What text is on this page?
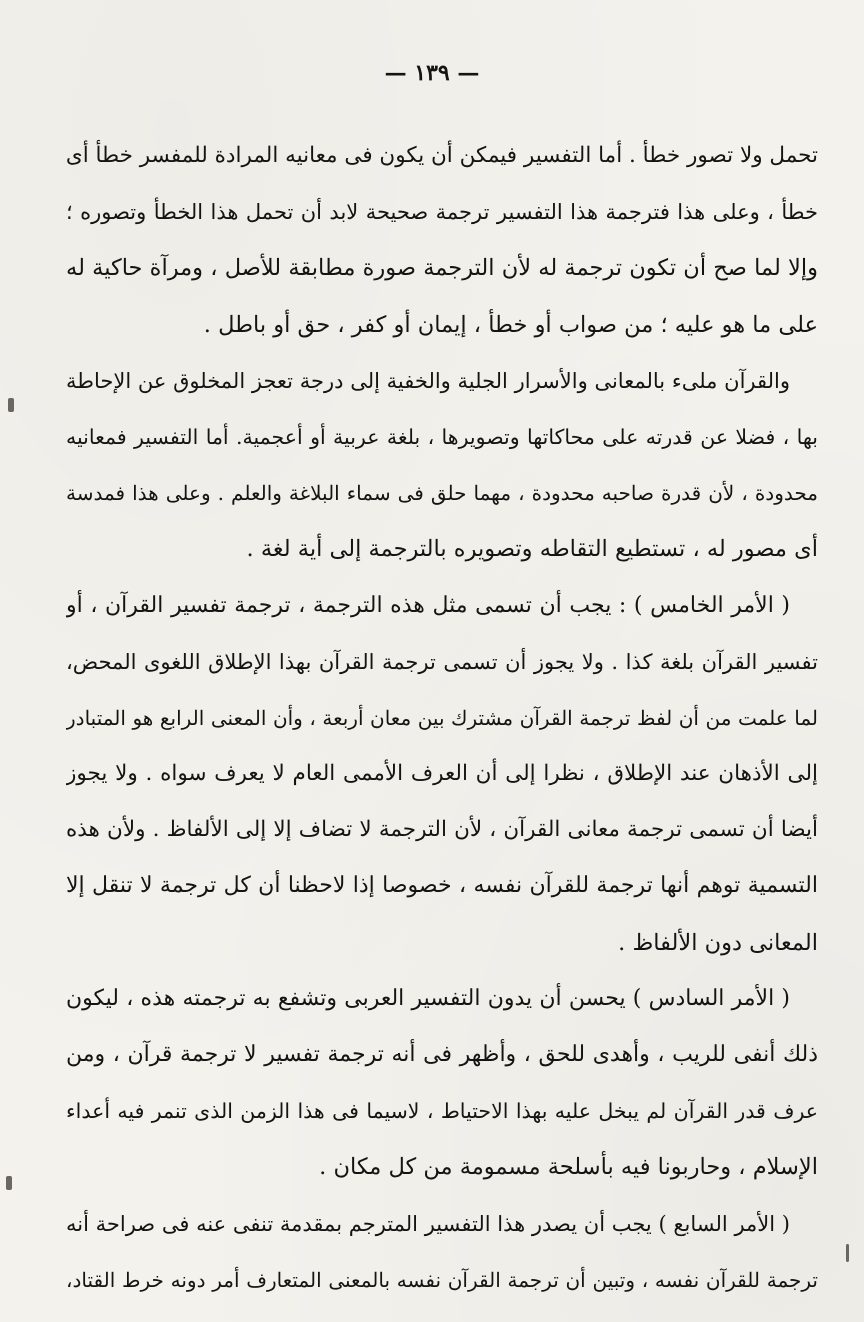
— ١٣٩ —
تحمل ولا تصور خطأ . أما التفسير فيمكن أن يكون فى معانيه المرادة للمفسر خطأ أى
خطأ ، وعلى هذا فترجمة هذا التفسير ترجمة صحيحة لابد أن تحمل هذا الخطأ وتصوره ؛
وإلا لما صح أن تكون ترجمة له لأن الترجمة صورة مطابقة للأصل ، ومرآة حاكية له
على ما هو عليه ؛ من صواب أو خطأ ، إيمان أو كفر ، حق أو باطل .
والقرآن ملىء بالمعانى والأسرار الجلية والخفية إلى درجة تعجز المخلوق عن الإحاطة
بها ، فضلا عن قدرته على محاكاتها وتصويرها ، بلغة عربية أو أعجمية. أما التفسير فمعانيه
محدودة ، لأن قدرة صاحبه محدودة ، مهما حلق فى سماء البلاغة والعلم . وعلى هذا فمدسة
أى مصور له ، تستطيع التقاطه وتصويره بالترجمة إلى أية لغة .
( الأمر الخامس ) : يجب أن تسمى مثل هذه الترجمة ، ترجمة تفسير القرآن ، أو
تفسير القرآن بلغة كذا . ولا يجوز أن تسمى ترجمة القرآن بهذا الإطلاق اللغوى المحض،
لما علمت من أن لفظ ترجمة القرآن مشترك بين معان أربعة ، وأن المعنى الرابع هو المتبادر
إلى الأذهان عند الإطلاق ، نظرا إلى أن العرف الأممى العام لا يعرف سواه . ولا يجوز
أيضا أن تسمى ترجمة معانى القرآن ، لأن الترجمة لا تضاف إلا إلى الألفاظ . ولأن هذه
التسمية توهم أنها ترجمة للقرآن نفسه ، خصوصا إذا لاحظنا أن كل ترجمة لا تنقل إلا
المعانى دون الألفاظ .
( الأمر السادس ) يحسن أن يدون التفسير العربى وتشفع به ترجمته هذه ، ليكون
ذلك أنفى للريب ، وأهدى للحق ، وأظهر فى أنه ترجمة تفسير لا ترجمة قرآن ، ومن
عرف قدر القرآن لم يبخل عليه بهذا الاحتياط ، لاسيما فى هذا الزمن الذى تنمر فيه أعداء
الإسلام ، وحاربونا فيه بأسلحة مسمومة من كل مكان .
( الأمر السابع ) يجب أن يصدر هذا التفسير المترجم بمقدمة تنفى عنه فى صراحة أنه
ترجمة للقرآن نفسه ، وتبين أن ترجمة القرآن نفسه بالمعنى المتعارف أمر دونه خرط القتاد،
